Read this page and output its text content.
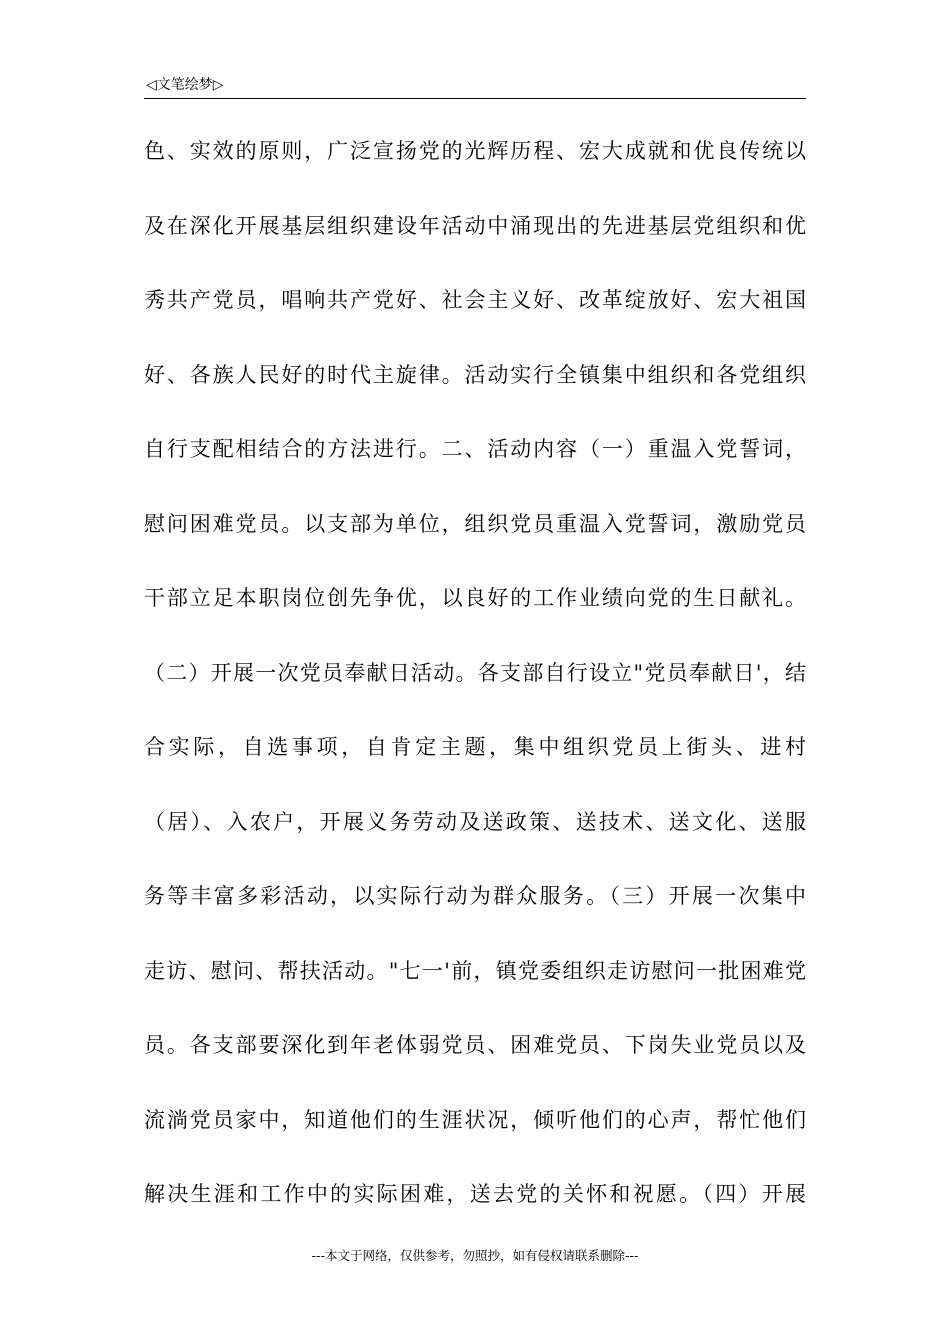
◁文笔绘梦▷
色、实效的原则，广泛宣扬党的光辉历程、宏大成就和优良传统以
及在深化开展基层组织建设年活动中涌现出的先进基层党组织和优
秀共产党员，唱响共产党好、社会主义好、改革绽放好、宏大祖国
好、各族人民好的时代主旋律。活动实行全镇集中组织和各党组织
自行支配相结合的方法进行。二、活动内容（一）重温入党誓词，
慰问困难党员。以支部为单位，组织党员重温入党誓词，激励党员
干部立足本职岗位创先争优，以良好的工作业绩向党的生日献礼。
（二）开展一次党员奉献日活动。各支部自行设立"党员奉献日'，结
合实际，自选事项，自肯定主题，集中组织党员上街头、进村
（居）、入农户，开展义务劳动及送政策、送技术、送文化、送服
务等丰富多彩活动，以实际行动为群众服务。（三）开展一次集中
走访、慰问、帮扶活动。"七一'前，镇党委组织走访慰问一批困难党
员。各支部要深化到年老体弱党员、困难党员、下岗失业党员以及
流淌党员家中，知道他们的生涯状况，倾听他们的心声，帮忙他们
解决生涯和工作中的实际困难，送去党的关怀和祝愿。（四）开展
---本文于网络，仅供参考，勿照抄，如有侵权请联系删除---
